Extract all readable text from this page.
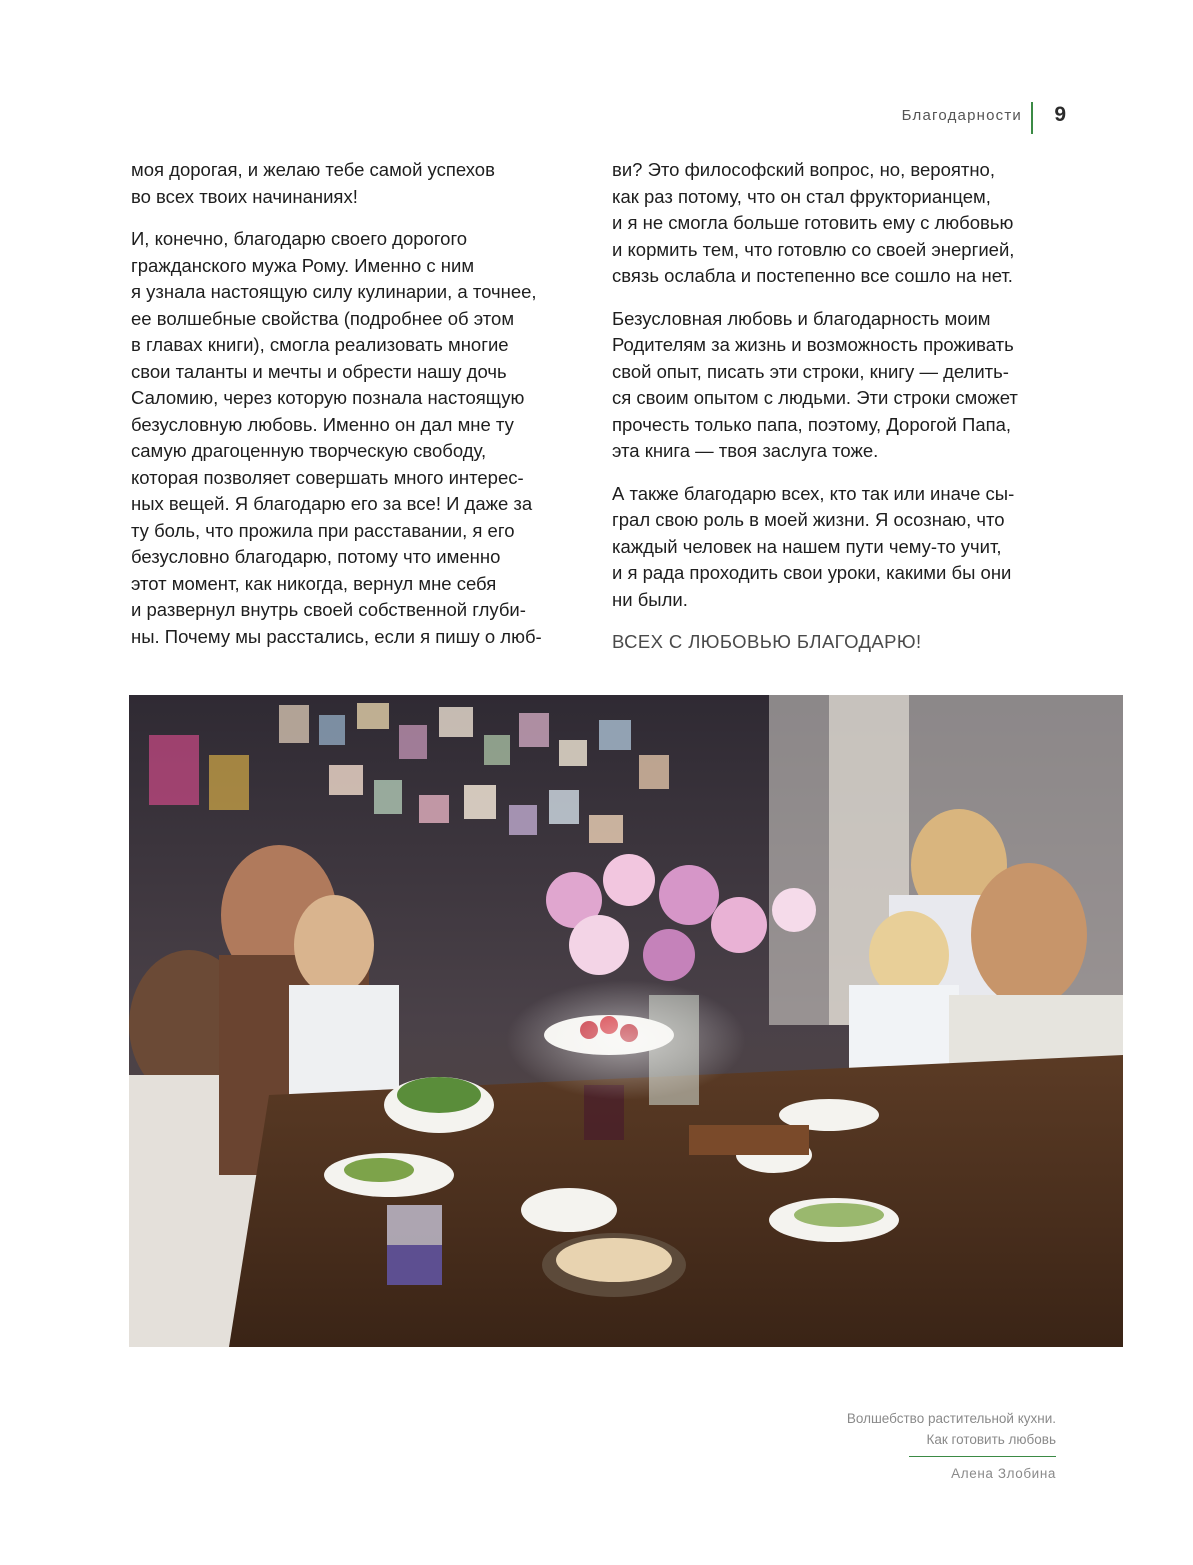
Благодарности 9

моя дорогая, и желаю тебе самой успехов
во всех твоих начинаниях!

И, конечно, благодарю своего дорогого
гражданского мужа Рому. Именно с ним
я узнала настоящую силу кулинарии, а точнее,
ее волшебные свойства (подробнее об этом
в главах книги), смогла реализовать многие
свои таланты и мечты и обрести нашу дочь
Саломию, через которую познала настоящую
безусловную любовь. Именно он дал мне ту
самую драгоценную творческую свободу,
которая позволяет совершать много интерес-
ных вещей. Я благодарю его за все! И даже за
ту боль, что прожила при расставании, я его
безусловно благодарю, потому что именно
этот момент, как никогда, вернул мне себя
и развернул внутрь своей собственной глуби-
ны. Почему мы расстались, если я пишу о люб-

ви? Это философский вопрос, но, вероятно,
как раз потому, что он стал фрукторианцем,
и я не смогла больше готовить ему с любовью
и кормить тем, что готовлю со своей энергией,
связь ослабла и постепенно все сошло на нет.

Безусловная любовь и благодарность моим
Родителям за жизнь и возможность проживать
свой опыт, писать эти строки, книгу — делить-
ся своим опытом с людьми. Эти строки сможет
прочесть только папа, поэтому, Дорогой Папа,
эта книга — твоя заслуга тоже.

А также благодарю всех, кто так или иначе сы-
грал свою роль в моей жизни. Я осознаю, что
каждый человек на нашем пути чему-то учит,
и я рада проходить свои уроки, какими бы они
ни были.

ВСЕХ С ЛЮБОВЬЮ БЛАГОДАРЮ!

Волшебство растительной кухни.
Как готовить любовь
Алена Злобина
